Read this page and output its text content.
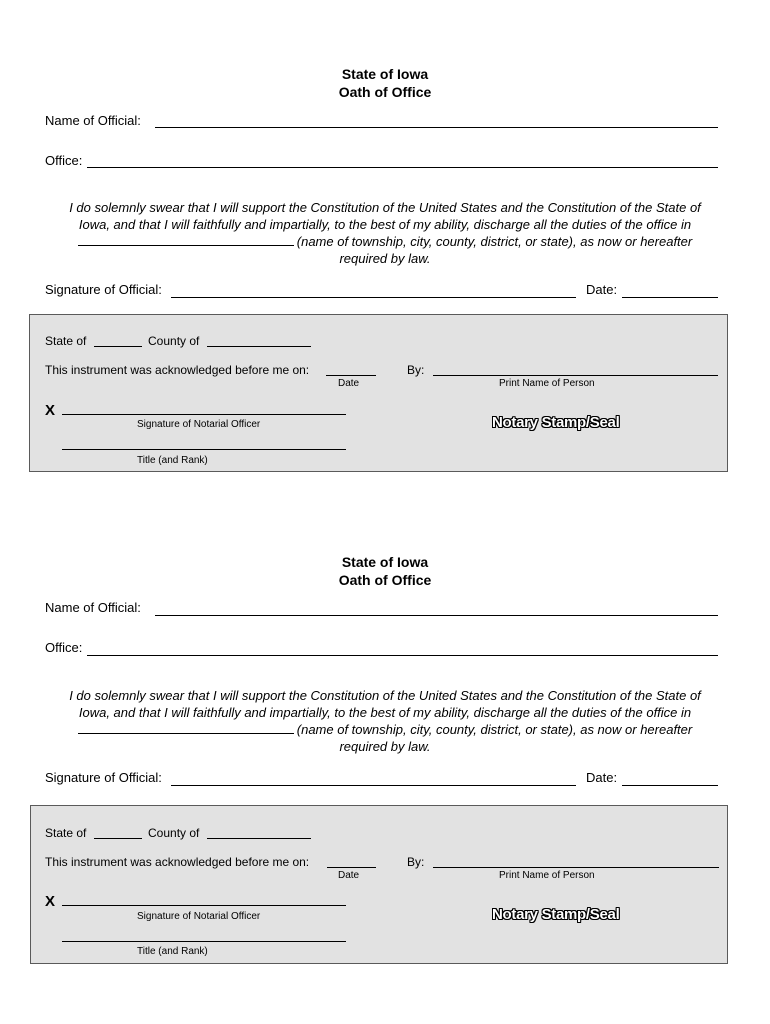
State of Iowa
Oath of Office
Name of Official:
Office:
I do solemnly swear that I will support the Constitution of the United States and the Constitution of the State of
Iowa, and that I will faithfully and impartially, to the best of my ability, discharge all the duties of the office in
(name of township, city, county, district, or state), as now or hereafter
required by law.
Signature of Official:	Date:
State of	County of
This instrument was acknowledged before me on:
Date
By:
Print Name of Person
X
Signature of Notarial Officer	Notary Stamp/Seal
Title (and Rank)
State of Iowa
Oath of Office
Name of Official:
Office:
I do solemnly swear that I will support the Constitution of the United States and the Constitution of the State of
Iowa, and that I will faithfully and impartially, to the best of my ability, discharge all the duties of the office in
(name of township, city, county, district, or state), as now or hereafter
required by law.
Signature of Official:	Date:
State of	County of
This instrument was acknowledged before me on:
Date
By:
Print Name of Person
X
Signature of Notarial Officer	Notary Stamp/Seal
Title (and Rank)
